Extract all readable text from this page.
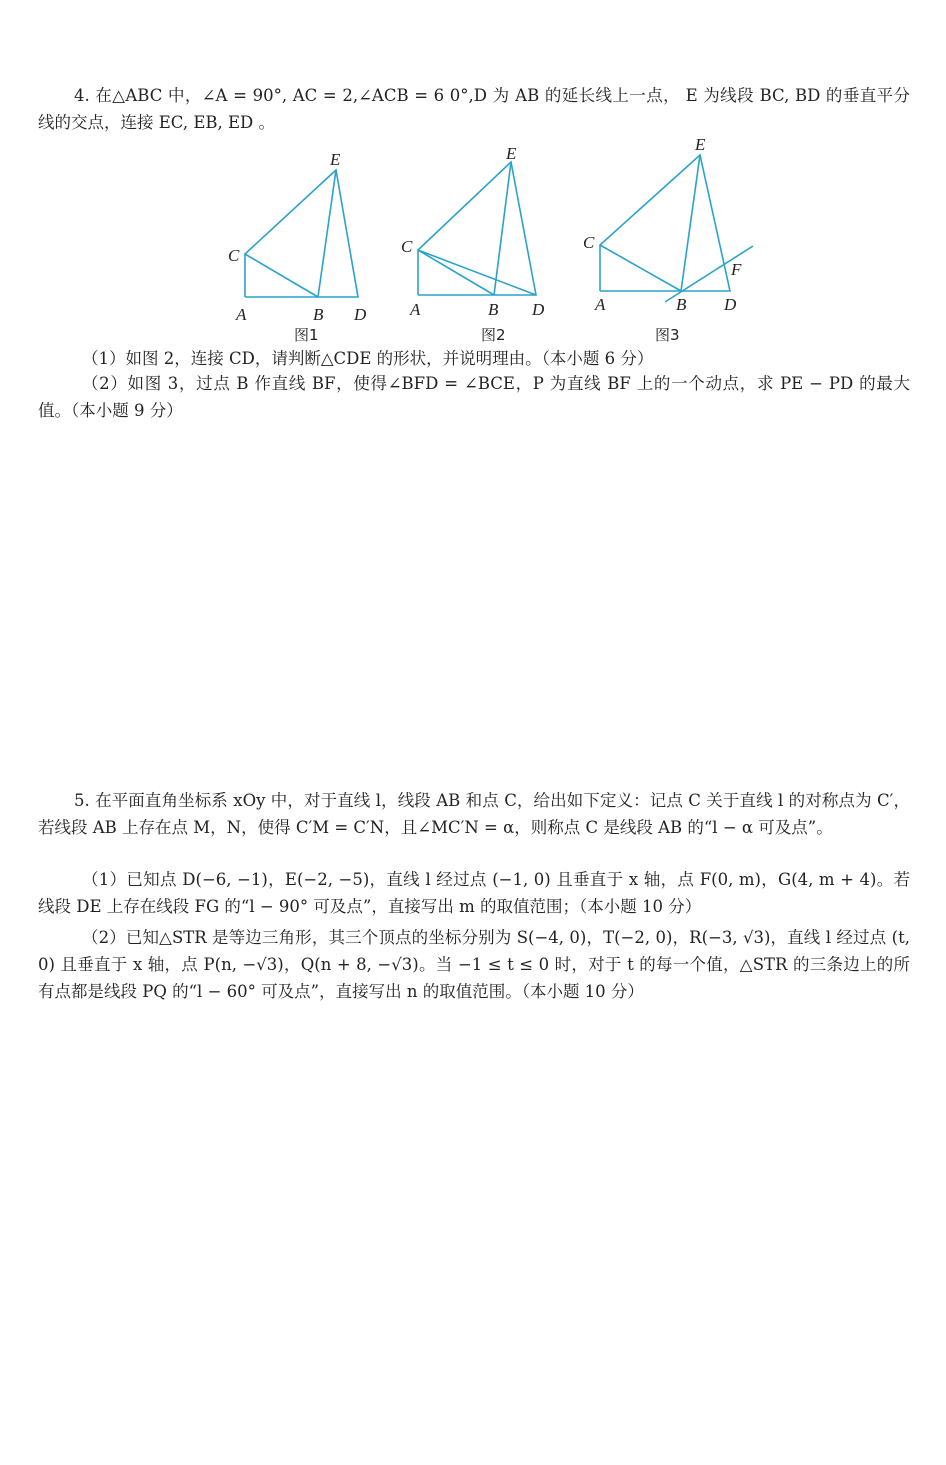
4. 在△ABC 中，∠A = 90°, AC = 2,∠ACB = 6 0°,D 为 AB 的延长线上一点， E 为线段 BC, BD 的垂直平分线的交点，连接 EC, EB, ED 。

E
C
A	B D
图1
E
C
A	B D
图2
E
C
A	B D
F
图3

（1）如图 2，连接 CD，请判断△CDE 的形状，并说明理由。（本小题 6 分）

（2）如图 3，过点 B 作直线 BF，使得∠BFD = ∠BCE，P 为直线 BF 上的一个动点，求 PE − PD 的最大值。（本小题 9 分）

5. 在平面直角坐标系 xOy 中，对于直线 l，线段 AB 和点 C，给出如下定义：记点 C 关于直线 l 的对称点为 C′，若线段 AB 上存在点 M，N，使得 C′M = C′N，且∠MC′N = α，则称点 C 是线段 AB 的“l − α 可及点”。

（1）已知点 D(−6, −1)，E(−2, −5)，直线 l 经过点 (−1, 0) 且垂直于 x 轴，点 F(0, m)，G(4, m + 4)。若线段 DE 上存在线段 FG 的“l − 90° 可及点”，直接写出 m 的取值范围；（本小题 10 分）

（2）已知△STR 是等边三角形，其三个顶点的坐标分别为 S(−4, 0)，T(−2, 0)，R(−3, √3)，直线 l 经过点 (t, 0) 且垂直于 x 轴，点 P(n, −√3)，Q(n + 8, −√3)。当 −1 ≤ t ≤ 0 时，对于 t 的每一个值，△STR 的三条边上的所有点都是线段 PQ 的“l − 60° 可及点”，直接写出 n 的取值范围。（本小题 10 分）
